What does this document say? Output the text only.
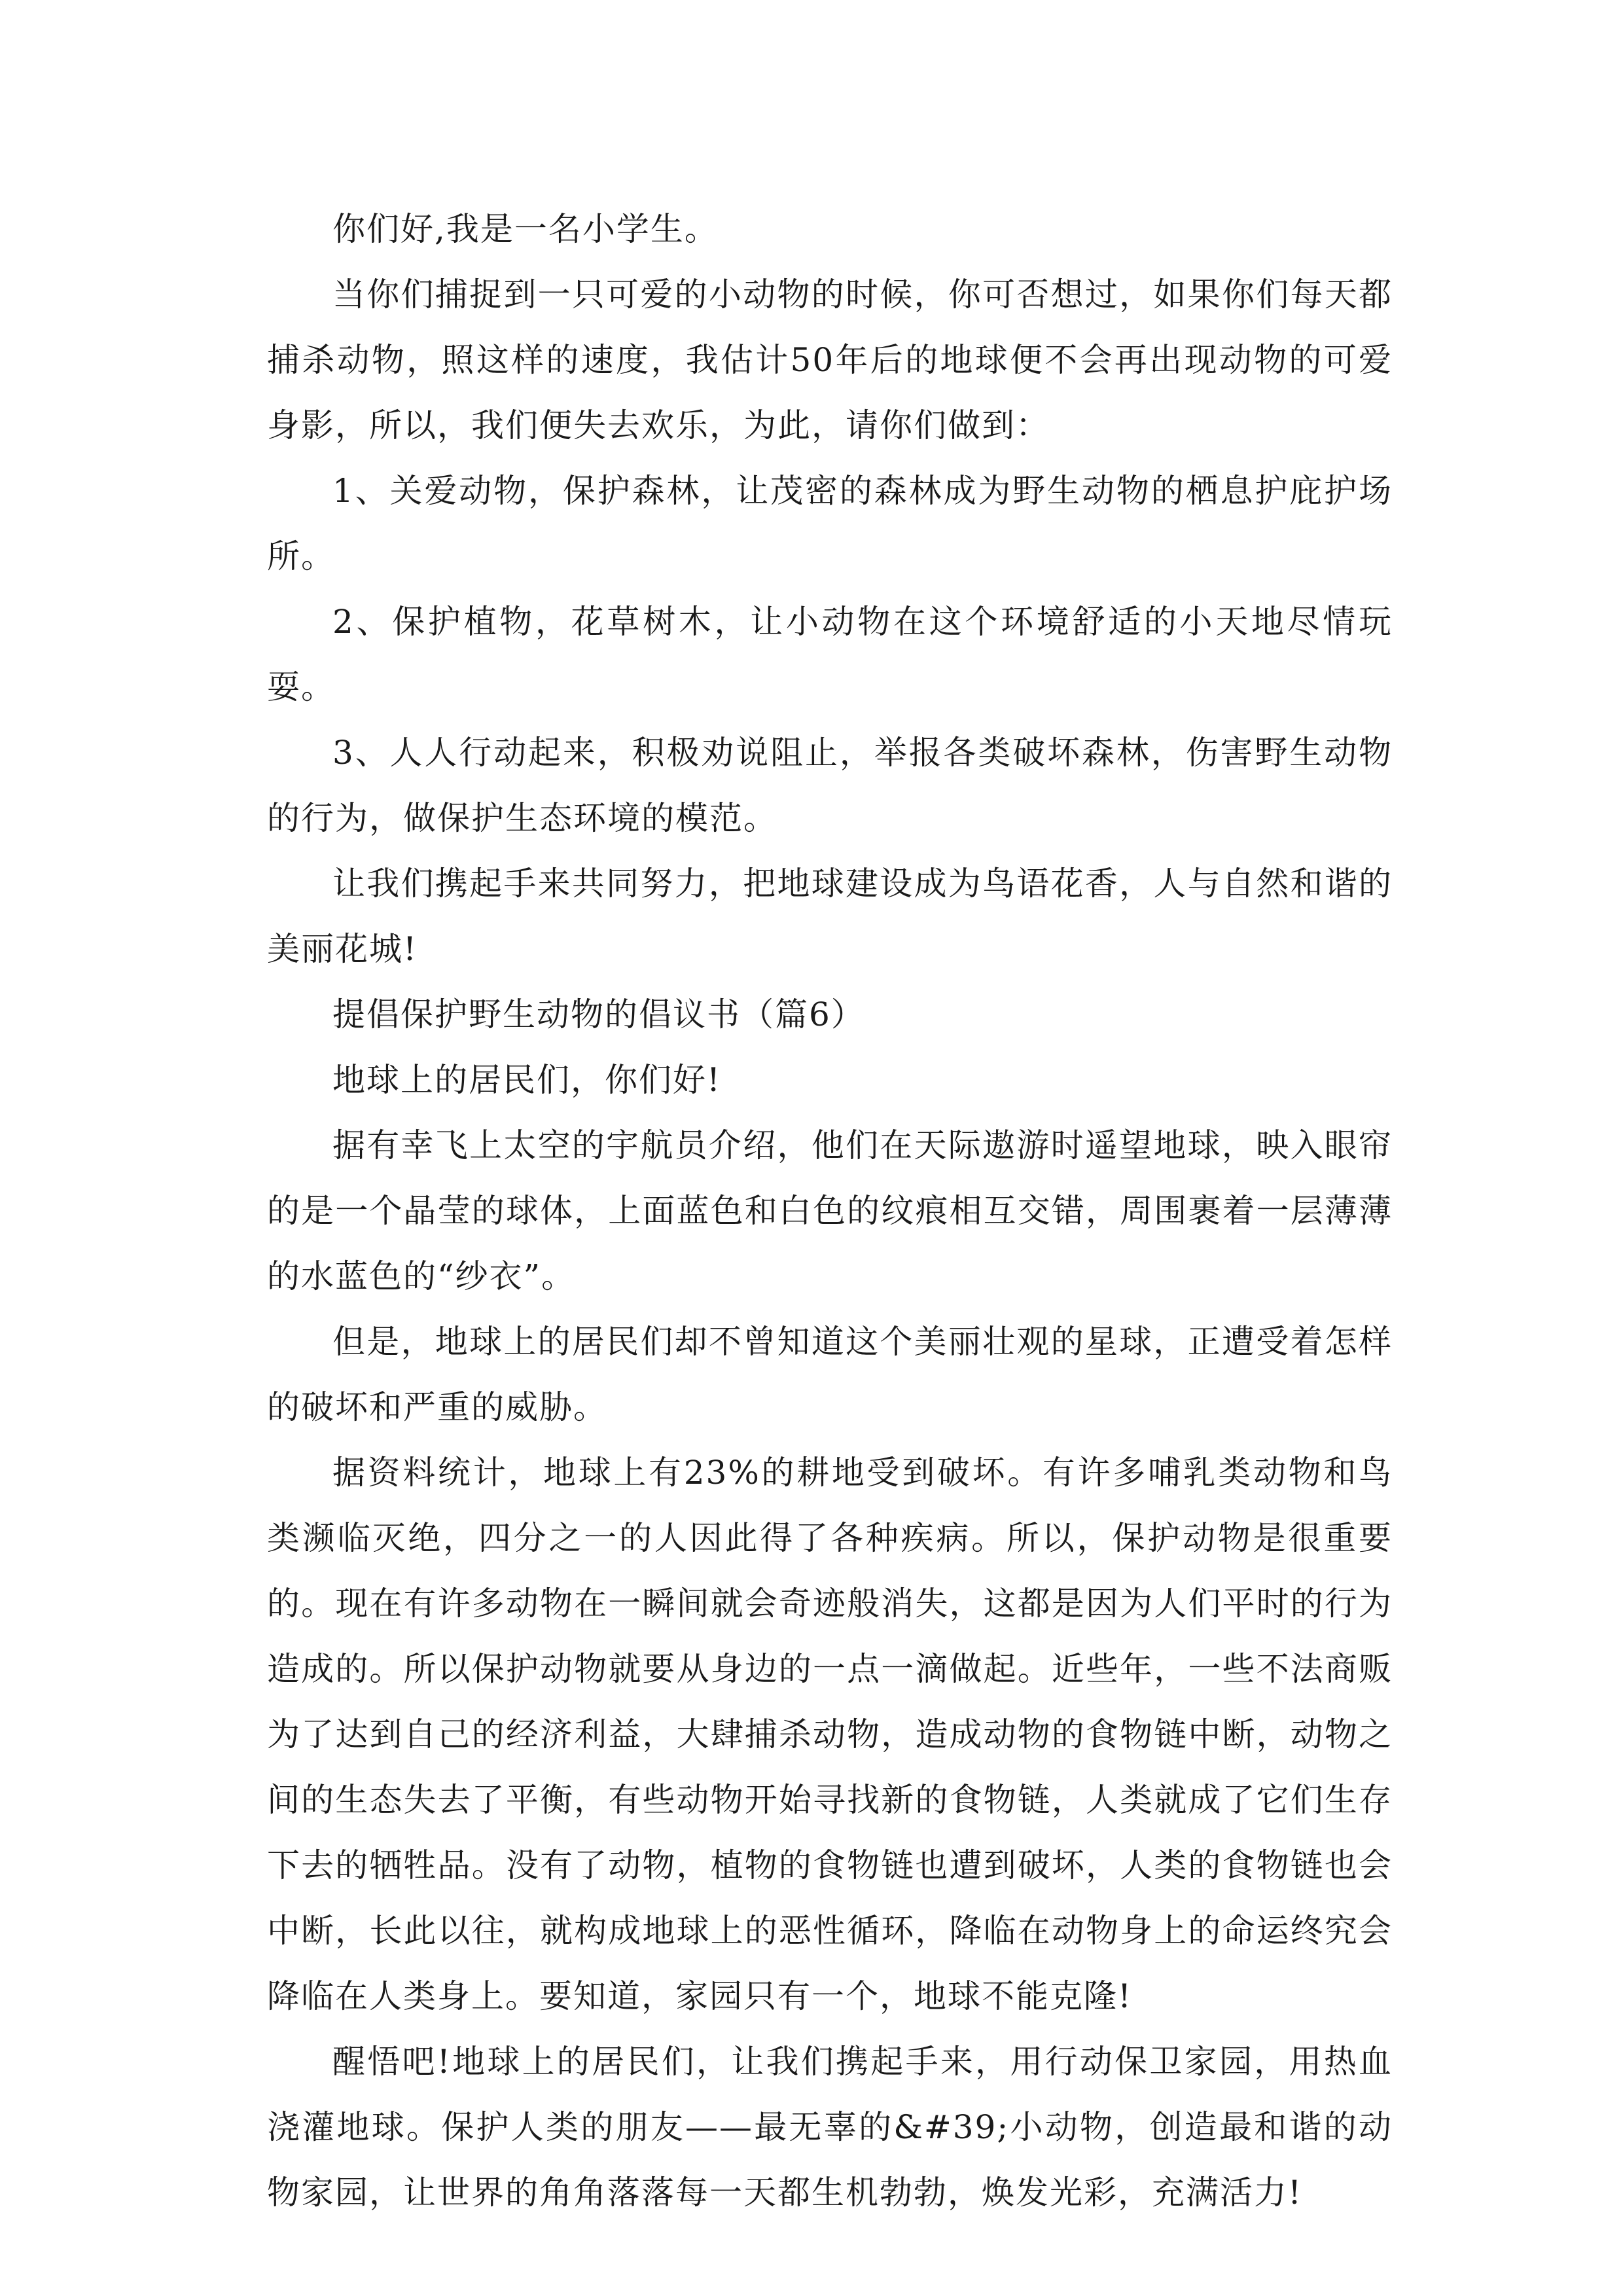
你们好,我是一名小学生。

当你们捕捉到一只可爱的小动物的时候，你可否想过，如果你们每天都捕杀动物，照这样的速度，我估计50年后的地球便不会再出现动物的可爱身影，所以，我们便失去欢乐，为此，请你们做到：

1、关爱动物，保护森林，让茂密的森林成为野生动物的栖息护庇护场所。

2、保护植物，花草树木，让小动物在这个环境舒适的小天地尽情玩耍。

3、人人行动起来，积极劝说阻止，举报各类破坏森林，伤害野生动物的行为，做保护生态环境的模范。

让我们携起手来共同努力，把地球建设成为鸟语花香，人与自然和谐的美丽花城!

提倡保护野生动物的倡议书（篇6）

地球上的居民们，你们好!

据有幸飞上太空的宇航员介绍，他们在天际遨游时遥望地球，映入眼帘的是一个晶莹的球体，上面蓝色和白色的纹痕相互交错，周围裹着一层薄薄的水蓝色的“纱衣”。

但是，地球上的居民们却不曾知道这个美丽壮观的星球，正遭受着怎样的破坏和严重的威胁。

据资料统计，地球上有23%的耕地受到破坏。有许多哺乳类动物和鸟类濒临灭绝，四分之一的人因此得了各种疾病。所以，保护动物是很重要的。现在有许多动物在一瞬间就会奇迹般消失，这都是因为人们平时的行为造成的。所以保护动物就要从身边的一点一滴做起。近些年，一些不法商贩为了达到自己的经济利益，大肆捕杀动物，造成动物的食物链中断，动物之间的生态失去了平衡，有些动物开始寻找新的食物链，人类就成了它们生存下去的牺牲品。没有了动物，植物的食物链也遭到破坏，人类的食物链也会中断，长此以往，就构成地球上的恶性循环，降临在动物身上的命运终究会降临在人类身上。要知道，家园只有一个，地球不能克隆!

醒悟吧!地球上的居民们，让我们携起手来，用行动保卫家园，用热血浇灌地球。保护人类的朋友——最无辜的&#39;小动物，创造最和谐的动物家园，让世界的角角落落每一天都生机勃勃，焕发光彩，充满活力!
